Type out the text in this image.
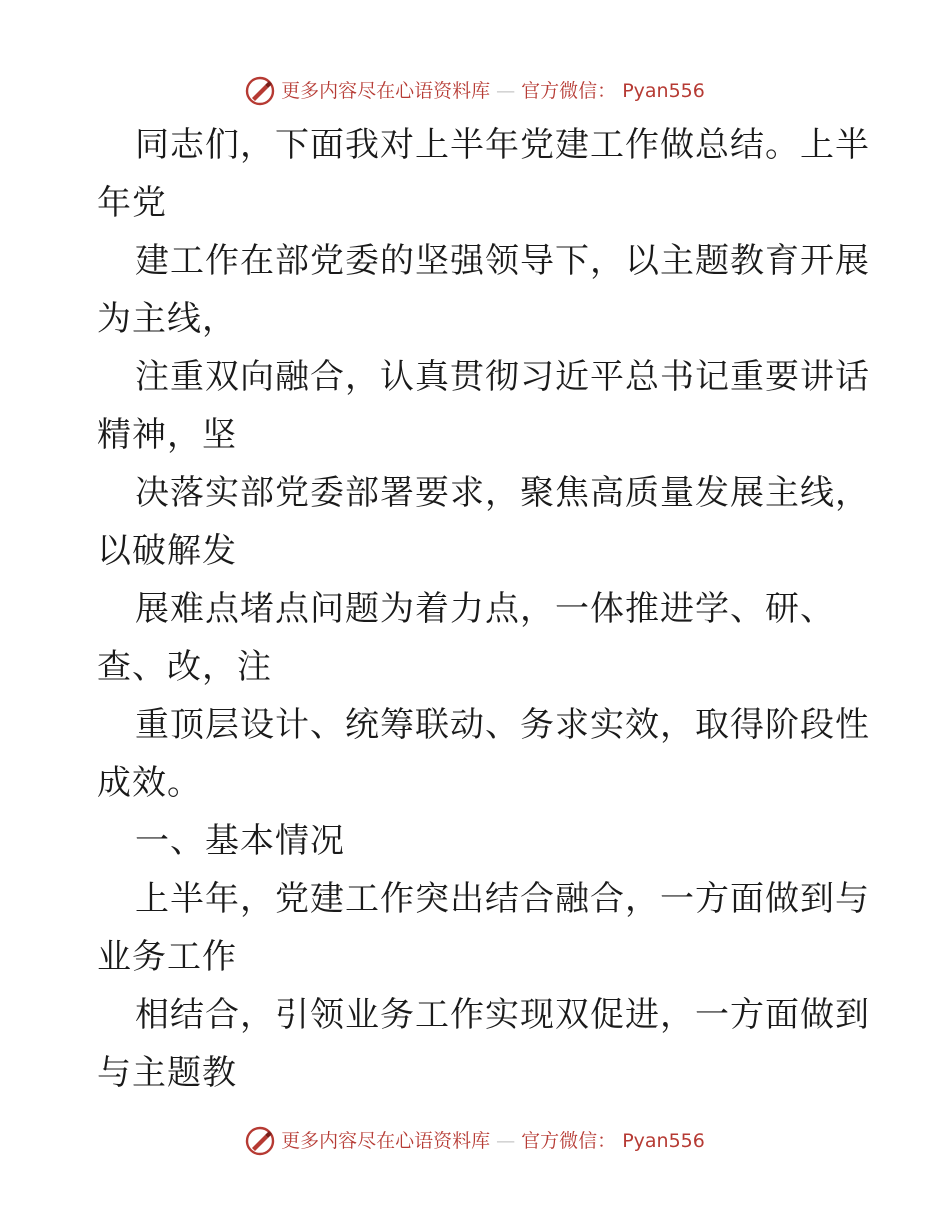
更多内容尽在心语资料库 — 官方微信： Pyan556
同志们，下面我对上半年党建工作做总结。上半
年党
建工作在部党委的坚强领导下，以主题教育开展
为主线，
注重双向融合，认真贯彻习近平总书记重要讲话
精神，坚
决落实部党委部署要求，聚焦高质量发展主线，
以破解发
展难点堵点问题为着力点，一体推进学、研、
查、改，注
重顶层设计、统筹联动、务求实效，取得阶段性
成效。
一、基本情况
上半年，党建工作突出结合融合，一方面做到与
业务工作
相结合，引领业务工作实现双促进，一方面做到
与主题教
更多内容尽在心语资料库 — 官方微信： Pyan556
